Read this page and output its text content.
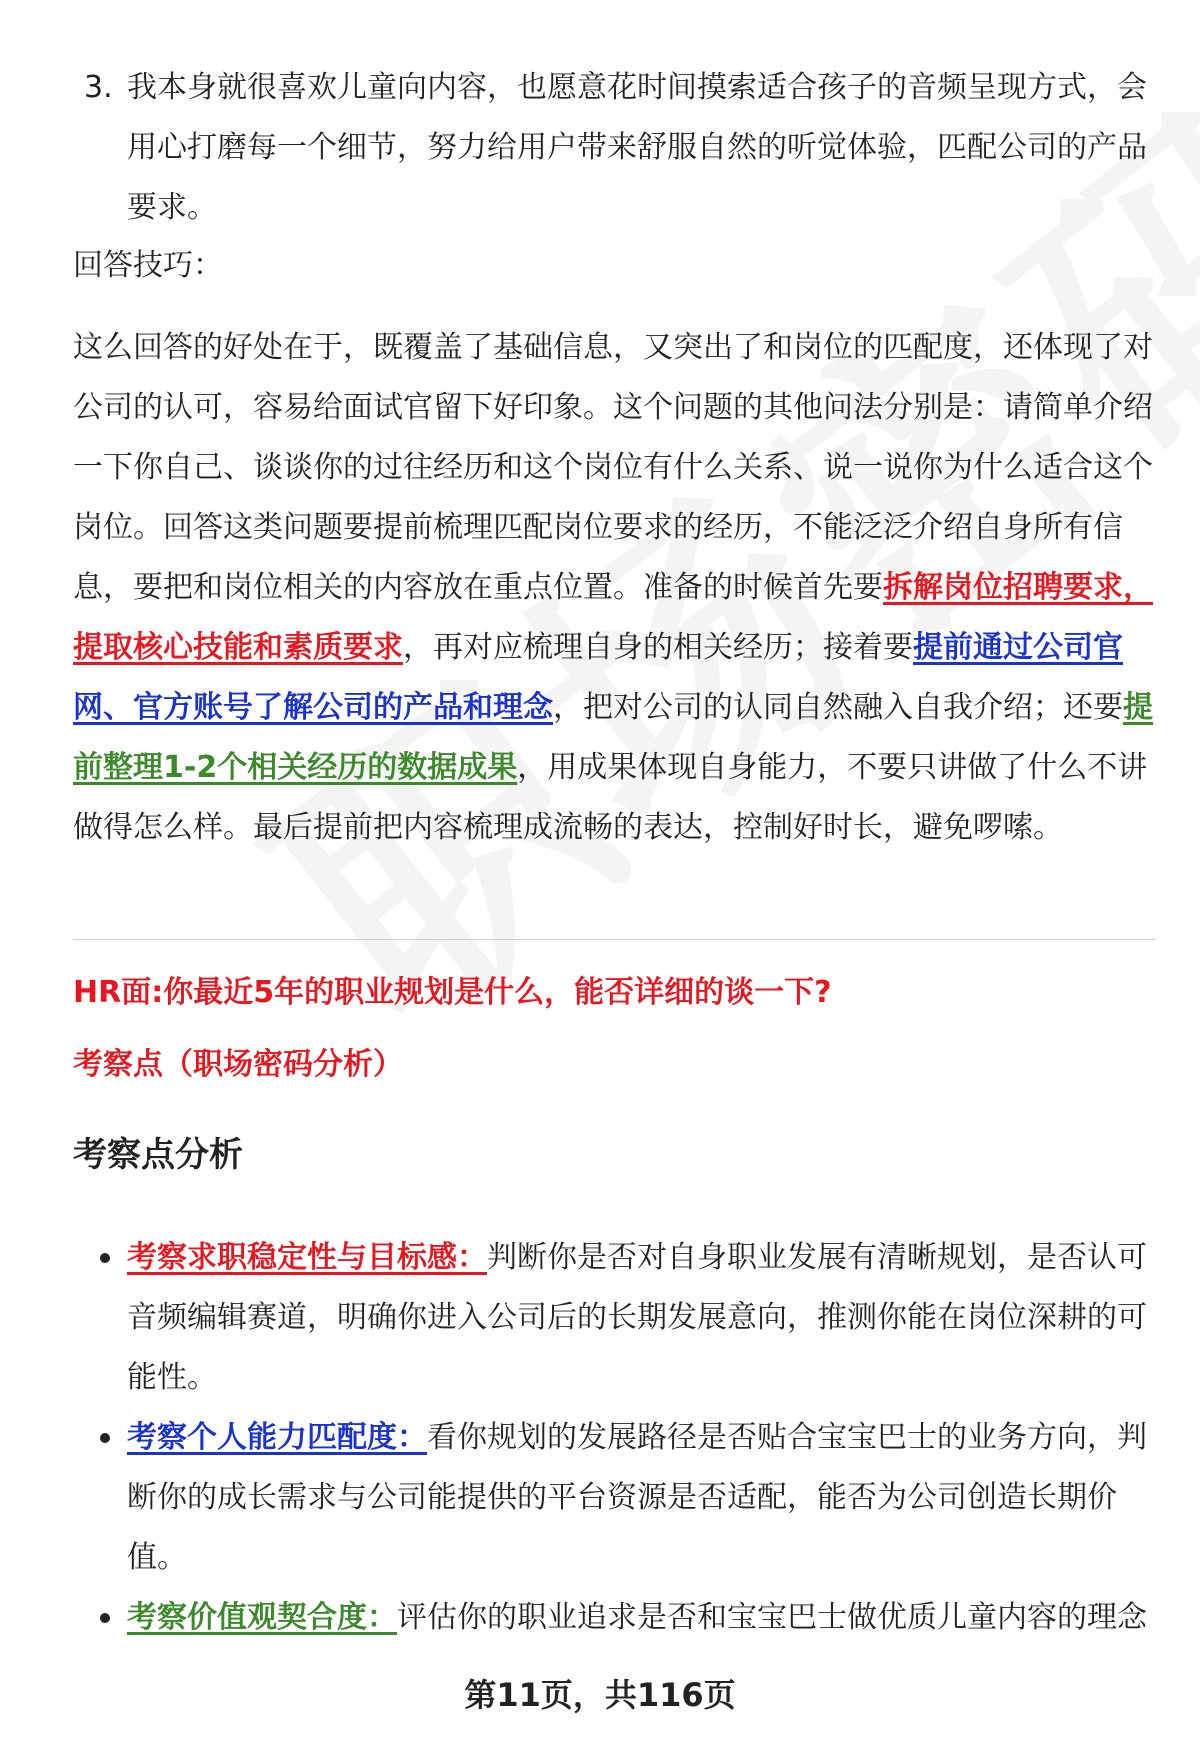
3. 我本身就很喜欢儿童向内容，也愿意花时间摸索适合孩子的音频呈现方式，会用心打磨每一个细节，努力给用户带来舒服自然的听觉体验，匹配公司的产品要求。

回答技巧：

这么回答的好处在于，既覆盖了基础信息，又突出了和岗位的匹配度，还体现了对公司的认可，容易给面试官留下好印象。这个问题的其他问法分别是：请简单介绍一下你自己、谈谈你的过往经历和这个岗位有什么关系、说一说你为什么适合这个岗位。回答这类问题要提前梳理匹配岗位要求的经历，不能泛泛介绍自身所有信息，要把和岗位相关的内容放在重点位置。准备的时候首先要拆解岗位招聘要求，提取核心技能和素质要求，再对应梳理自身的相关经历；接着要提前通过公司官网、官方账号了解公司的产品和理念，把对公司的认同自然融入自我介绍；还要提前整理1-2个相关经历的数据成果，用成果体现自身能力，不要只讲做了什么不讲做得怎么样。最后提前把内容梳理成流畅的表达，控制好时长，避免啰嗦。

HR面:你最近5年的职业规划是什么，能否详细的谈一下?

考察点（职场密码分析）

考察点分析

考察求职稳定性与目标感：判断你是否对自身职业发展有清晰规划，是否认可音频编辑赛道，明确你进入公司后的长期发展意向，推测你能在岗位深耕的可能性。
考察个人能力匹配度：看你规划的发展路径是否贴合宝宝巴士的业务方向，判断你的成长需求与公司能提供的平台资源是否适配，能否为公司创造长期价值。
考察价值观契合度：评估你的职业追求是否和宝宝巴士做优质儿童内容的理念
第11页，共116页
